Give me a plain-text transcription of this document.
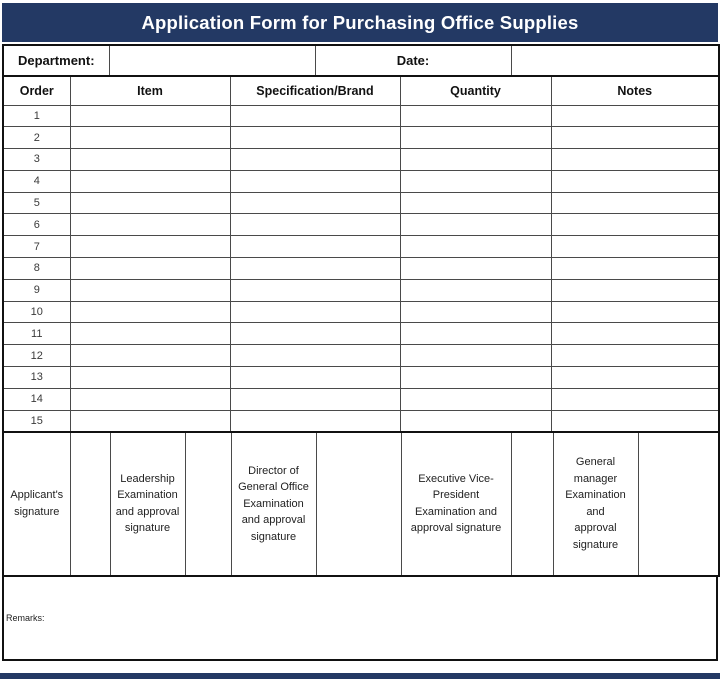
Application Form for Purchasing Office Supplies
Department:		Date:	
Order	Item	Specification/Brand	Quantity	Notes
1				
2				
3				
4				
5				
6				
7				
8				
9				
10				
11				
12				
13				
14				
15				
Applicant's signature		Leadership Examination and approval signature		Director of General Office Examination and approval signature		Executive Vice-President Examination and approval signature		General manager Examination and approval signature	
Remarks:
